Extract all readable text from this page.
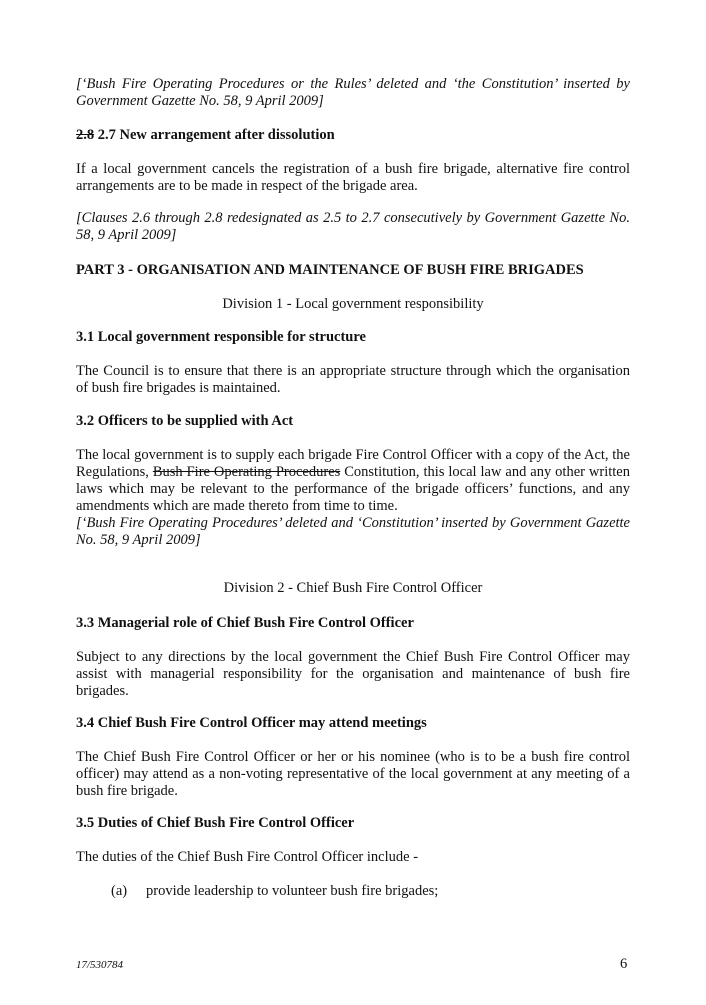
[‘Bush Fire Operating Procedures or the Rules’ deleted and ‘the Constitution’ inserted by Government Gazette No. 58, 9 April 2009]

2.8 2.7 New arrangement after dissolution

If a local government cancels the registration of a bush fire brigade, alternative fire control arrangements are to be made in respect of the brigade area.

[Clauses 2.6 through 2.8 redesignated as 2.5 to 2.7 consecutively by Government Gazette No. 58, 9 April 2009]

PART 3 - ORGANISATION AND MAINTENANCE OF BUSH FIRE BRIGADES

Division 1 - Local government responsibility

3.1 Local government responsible for structure

The Council is to ensure that there is an appropriate structure through which the organisation of bush fire brigades is maintained.

3.2 Officers to be supplied with Act

The local government is to supply each brigade Fire Control Officer with a copy of the Act, the Regulations, Bush Fire Operating Procedures Constitution, this local law and any other written laws which may be relevant to the performance of the brigade officers’ functions, and any amendments which are made thereto from time to time.

[‘Bush Fire Operating Procedures’ deleted and ‘Constitution’ inserted by Government Gazette No. 58, 9 April 2009]

Division 2 - Chief Bush Fire Control Officer

3.3 Managerial role of Chief Bush Fire Control Officer

Subject to any directions by the local government the Chief Bush Fire Control Officer may assist with managerial responsibility for the organisation and maintenance of bush fire brigades.

3.4 Chief Bush Fire Control Officer may attend meetings

The Chief Bush Fire Control Officer or her or his nominee (who is to be a bush fire control officer) may attend as a non-voting representative of the local government at any meeting of a bush fire brigade.

3.5 Duties of Chief Bush Fire Control Officer

The duties of the Chief Bush Fire Control Officer include -

(a) provide leadership to volunteer bush fire brigades;
17/530784	6
